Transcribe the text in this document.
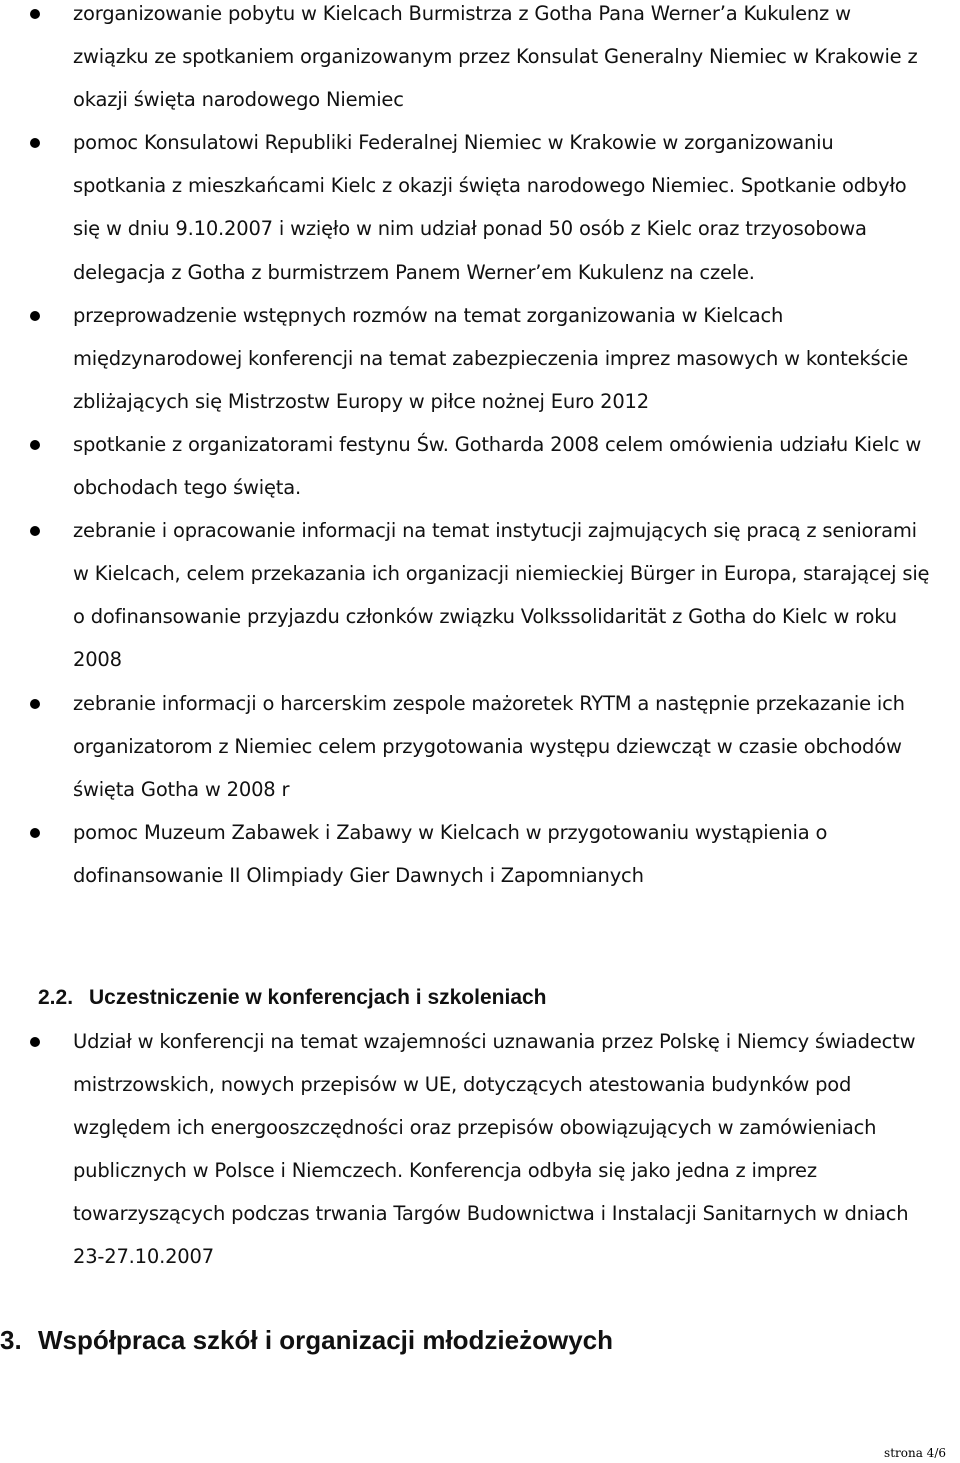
zorganizowanie pobytu w Kielcach Burmistrza z Gotha Pana Werner’a Kukulenz w związku ze spotkaniem organizowanym przez Konsulat Generalny Niemiec w Krakowie z okazji święta narodowego Niemiec
pomoc Konsulatowi Republiki Federalnej Niemiec w Krakowie w zorganizowaniu spotkania z mieszkańcami Kielc z okazji święta narodowego Niemiec. Spotkanie odbyło się w dniu 9.10.2007 i wzięło w nim udział ponad 50 osób z Kielc oraz trzyosobowa delegacja z Gotha z burmistrzem Panem Werner’em Kukulenz na czele.
przeprowadzenie wstępnych rozmów na temat zorganizowania w Kielcach międzynarodowej konferencji na temat zabezpieczenia imprez masowych w kontekście zbliżających się Mistrzostw Europy w piłce nożnej Euro 2012
spotkanie z organizatorami festynu Św. Gotharda 2008 celem omówienia udziału Kielc w obchodach tego święta.
zebranie i opracowanie informacji na temat instytucji zajmujących się pracą z seniorami w Kielcach, celem przekazania ich organizacji niemieckiej Bürger in Europa, starającej się o dofinansowanie przyjazdu członków związku Volkssolidarität z Gotha do Kielc w roku 2008
zebranie informacji o harcerskim zespole mażoretek RYTM a następnie przekazanie ich organizatorom z Niemiec celem przygotowania występu dziewcząt w czasie obchodów święta Gotha w 2008 r
pomoc Muzeum Zabawek i Zabawy w Kielcach w przygotowaniu wystąpienia o dofinansowanie II Olimpiady Gier Dawnych i Zapomnianych
2.2. Uczestniczenie w konferencjach i szkoleniach
Udział w konferencji na temat wzajemności uznawania przez Polskę i Niemcy świadectw mistrzowskich, nowych przepisów w UE, dotyczących atestowania budynków pod względem ich energooszczędności oraz przepisów obowiązujących w zamówieniach publicznych w Polsce i Niemczech. Konferencja odbyła się jako jedna z imprez towarzyszących podczas trwania Targów Budownictwa i Instalacji Sanitarnych w dniach 23-27.10.2007
3. Współpraca szkół i organizacji młodzieżowych
strona 4/6
